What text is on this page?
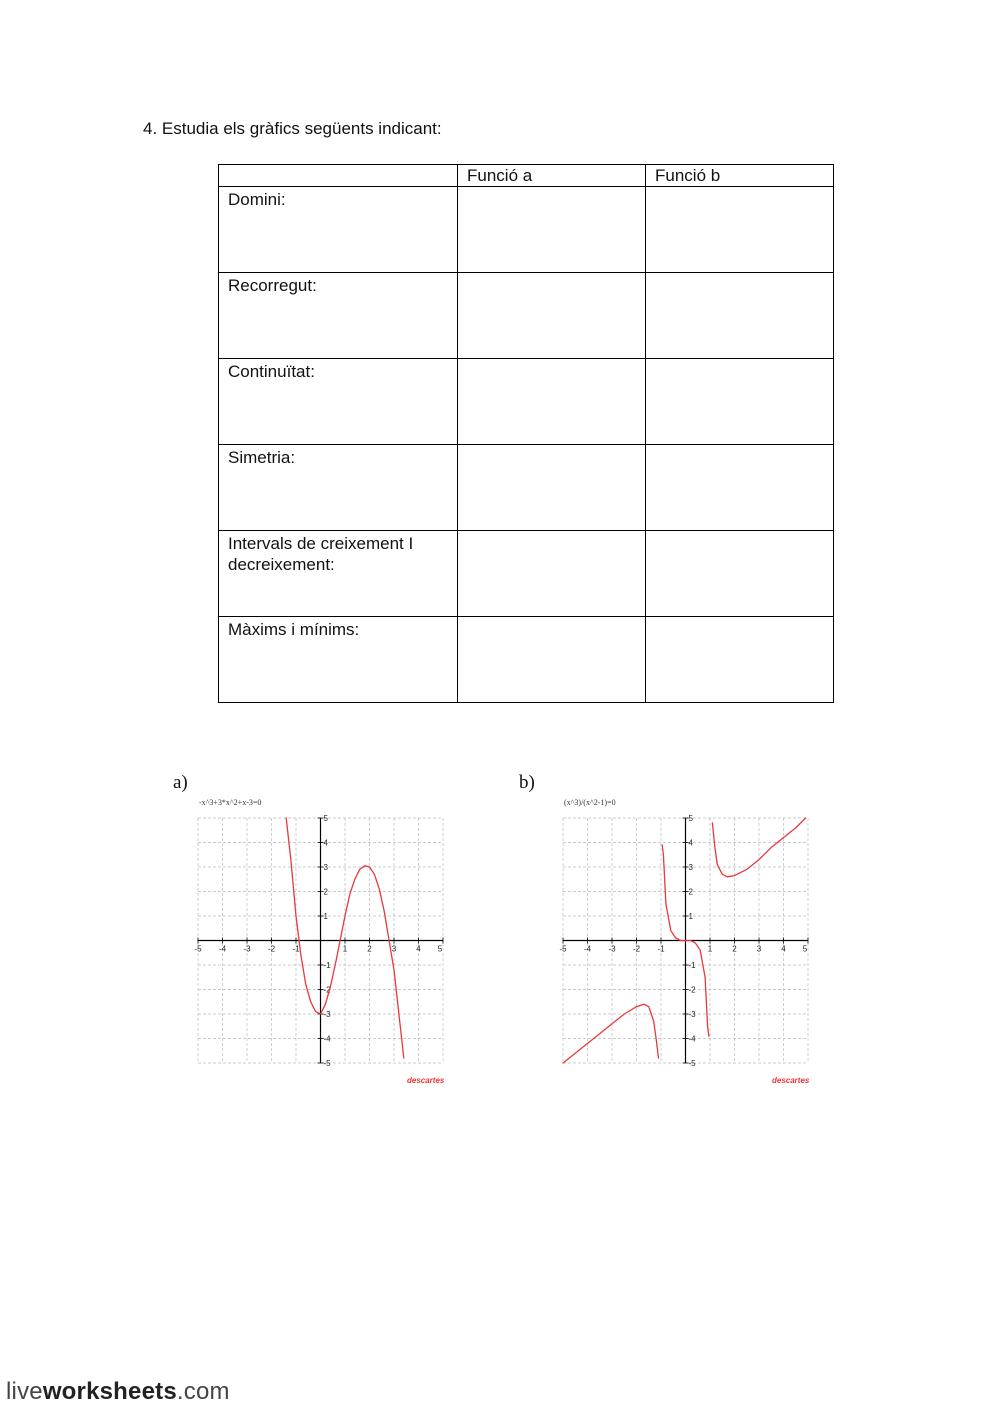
4. Estudia els gràfics següents indicant:
	Funció a	Funció b
Domini:		
Recorregut:		
Continuïtat:		
Simetria:		
Intervals de creixement I decreixement:		
Màxims i mínims:		
a)
-x^3+3*x^2+x-3=0
-5 -4 -3 -2 -1	1	2	3	4 5
5
4
3
2
1
-1
-2
-3
-4
-5
descartes
b)
(x^3)/(x^2-1)=0
-5 -4 -3 -2 -1	1	2	3	4 5
5
4
3
2
1
-1
-2
-3
-4
-5
descartes
liveworksheets.com
